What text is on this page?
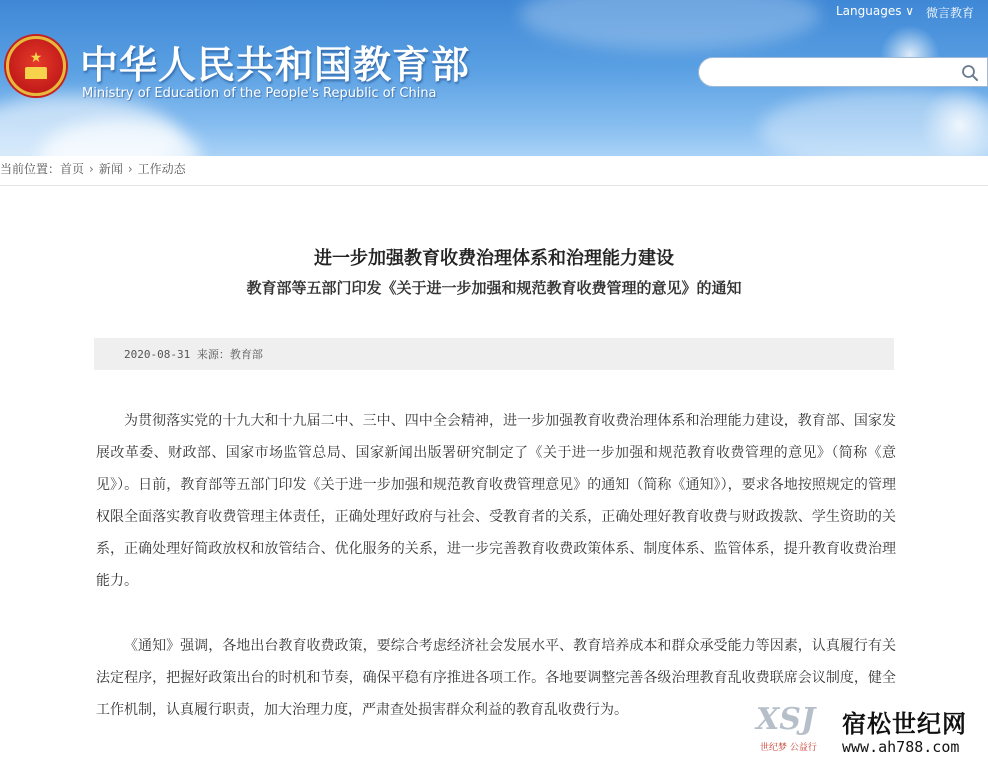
★ 中华人民共和国教育部
Ministry of Education of the People's Republic of China
Languages ∨ 微言教育
当前位置：首页 › 新闻 › 工作动态
进一步加强教育收费治理体系和治理能力建设
教育部等五部门印发《关于进一步加强和规范教育收费管理的意见》的通知
2020-08-31 来源：教育部

为贯彻落实党的十九大和十九届二中、三中、四中全会精神，进一步加强教育收费治理体系和治理能力建设，教育部、国家发展改革委、财政部、国家市场监管总局、国家新闻出版署研究制定了《关于进一步加强和规范教育收费管理的意见》（简称《意见》）。日前，教育部等五部门印发《关于进一步加强和规范教育收费管理意见》的通知（简称《通知》），要求各地按照规定的管理权限全面落实教育收费管理主体责任，正确处理好政府与社会、受教育者的关系，正确处理好教育收费与财政拨款、学生资助的关系，正确处理好简政放权和放管结合、优化服务的关系，进一步完善教育收费政策体系、制度体系、监管体系，提升教育收费治理能力。

《通知》强调，各地出台教育收费政策，要综合考虑经济社会发展水平、教育培养成本和群众承受能力等因素，认真履行有关法定程序，把握好政策出台的时机和节奏，确保平稳有序推进各项工作。各地要调整完善各级治理教育乱收费联席会议制度，健全工作机制，认真履行职责，加大治理力度，严肃查处损害群众利益的教育乱收费行为。	XSJ
世纪梦 公益行
宿松世纪网
www.ah788.com
